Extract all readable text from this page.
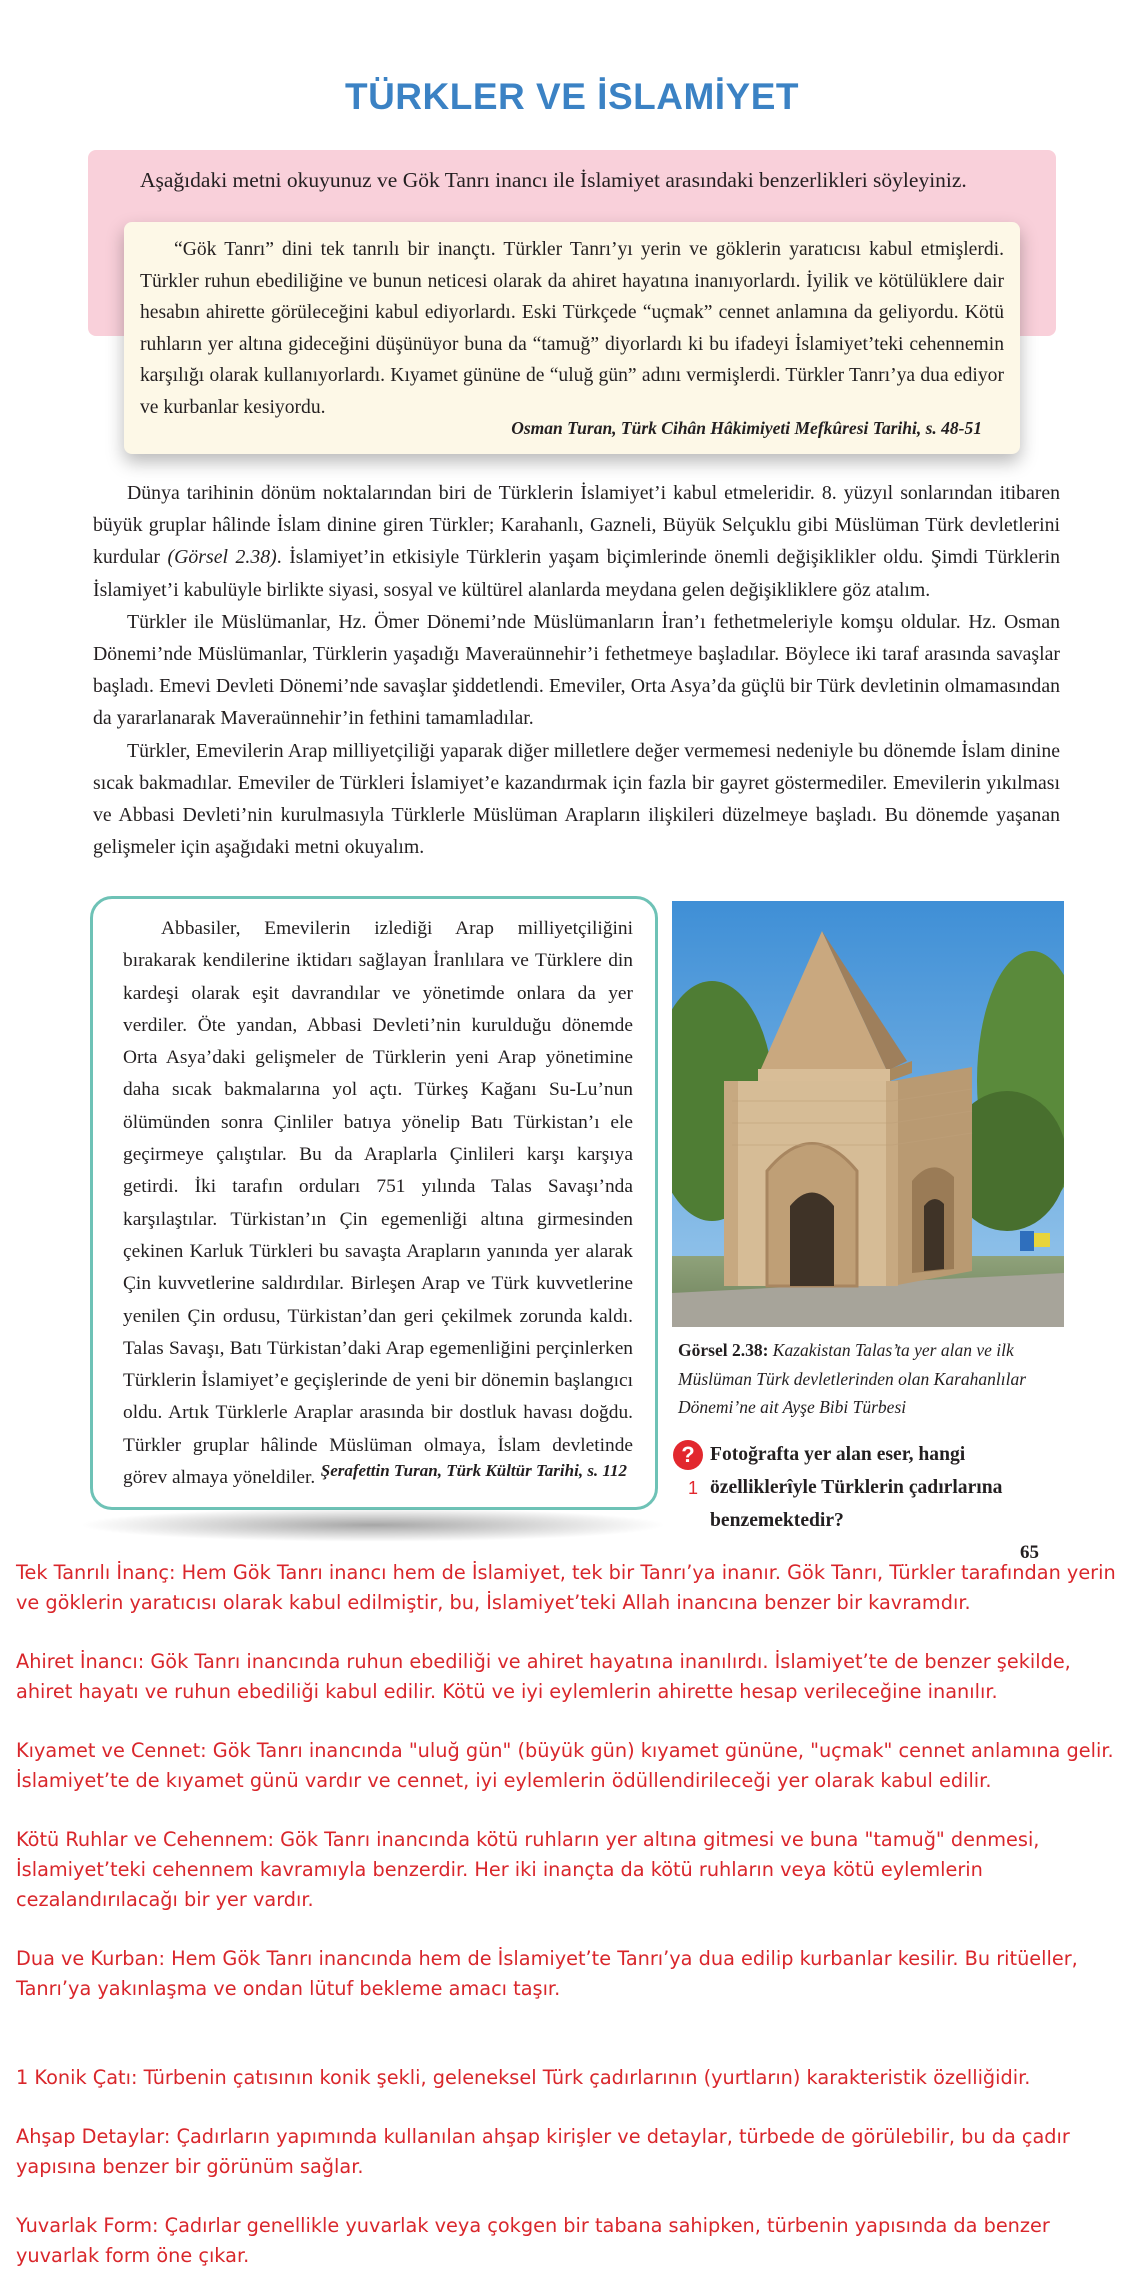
TÜRKLER VE İSLAMİYET
Aşağıdaki metni okuyunuz ve Gök Tanrı inancı ile İslamiyet arasındaki benzerlikleri söyleyiniz.

“Gök Tanrı” dini tek tanrılı bir inançtı. Türkler Tanrı’yı yerin ve göklerin yaratıcısı kabul etmişlerdi. Türkler ruhun ebediliğine ve bunun neticesi olarak da ahiret hayatına inanıyorlardı. İyilik ve kötülüklere dair hesabın ahirette görüleceğini kabul ediyorlardı. Eski Türkçede “uçmak” cennet anlamına da geliyordu. Kötü ruhların yer altına gideceğini düşünüyor buna da “tamuğ” diyorlardı ki bu ifadeyi İslamiyet’teki cehennemin karşılığı olarak kullanıyorlardı. Kıyamet gününe de “uluğ gün” adını vermişlerdi. Türkler Tanrı’ya dua ediyor ve kurbanlar kesiyordu.

Osman Turan, Türk Cihân Hâkimiyeti Mefkûresi Tarihi, s. 48-51

Dünya tarihinin dönüm noktalarından biri de Türklerin İslamiyet’i kabul etmeleridir. 8. yüzyıl sonlarından itibaren büyük gruplar hâlinde İslam dinine giren Türkler; Karahanlı, Gazneli, Büyük Selçuklu gibi Müslüman Türk devletlerini kurdular (Görsel 2.38). İslamiyet’in etkisiyle Türklerin yaşam biçimlerinde önemli değişiklikler oldu. Şimdi Türklerin İslamiyet’i kabulüyle birlikte siyasi, sosyal ve kültürel alanlarda meydana gelen değişikliklere göz atalım.

Türkler ile Müslümanlar, Hz. Ömer Dönemi’nde Müslümanların İran’ı fethetmeleriyle komşu oldular. Hz. Osman Dönemi’nde Müslümanlar, Türklerin yaşadığı Maveraünnehir’i fethetmeye başladılar. Böylece iki taraf arasında savaşlar başladı. Emevi Devleti Dönemi’nde savaşlar şiddetlendi. Emeviler, Orta Asya’da güçlü bir Türk devletinin olmamasından da yararlanarak Maveraünnehir’in fethini tamamladılar.

Türkler, Emevilerin Arap milliyetçiliği yaparak diğer milletlere değer vermemesi nedeniyle bu dönemde İslam dinine sıcak bakmadılar. Emeviler de Türkleri İslamiyet’e kazandırmak için fazla bir gayret göstermediler. Emevilerin yıkılması ve Abbasi Devleti’nin kurulmasıyla Türklerle Müslüman Arapların ilişkileri düzelmeye başladı. Bu dönemde yaşanan gelişmeler için aşağıdaki metni okuyalım.

Abbasiler, Emevilerin izlediği Arap milliyetçiliğini bırakarak kendilerine iktidarı sağlayan İranlılara ve Türklere din kardeşi olarak eşit davrandılar ve yönetimde onlara da yer verdiler. Öte yandan, Abbasi Devleti’nin kurulduğu dönemde Orta Asya’daki gelişmeler de Türklerin yeni Arap yönetimine daha sıcak bakmalarına yol açtı. Türkeş Kağanı Su-Lu’nun ölümünden sonra Çinliler batıya yönelip Batı Türkistan’ı ele geçirmeye çalıştılar. Bu da Araplarla Çinlileri karşı karşıya getirdi. İki tarafın orduları 751 yılında Talas Savaşı’nda karşılaştılar. Türkistan’ın Çin egemenliği altına girmesinden çekinen Karluk Türkleri bu savaşta Arapların yanında yer alarak Çin kuvvetlerine saldırdılar. Birleşen Arap ve Türk kuvvetlerine yenilen Çin ordusu, Türkistan’dan geri çekilmek zorunda kaldı. Talas Savaşı, Batı Türkistan’daki Arap egemenliğini perçinlerken Türklerin İslamiyet’e geçişlerinde de yeni bir dönemin başlangıcı oldu. Artık Türklerle Araplar arasında bir dostluk havası doğdu. Türkler gruplar hâlinde Müslüman olmaya, İslam devletinde görev almaya yöneldiler. Şerafettin Turan, Türk Kültür Tarihi, s. 112
Görsel 2.38: Kazakistan Talas’ta yer alan ve ilk Müslüman Türk devletlerinden olan Karahanlılar Dönemi’ne ait Ayşe Bibi Türbesi
?
1
Fotoğrafta yer alan eser, hangi özelliklerîyle Türklerin çadırlarına benzemektedir?
65

Tek Tanrılı İnanç: Hem Gök Tanrı inancı hem de İslamiyet, tek bir Tanrı’ya inanır. Gök Tanrı, Türkler tarafından yerin ve göklerin yaratıcısı olarak kabul edilmiştir, bu, İslamiyet’teki Allah inancına benzer bir kavramdır.

Ahiret İnancı: Gök Tanrı inancında ruhun ebediliği ve ahiret hayatına inanılırdı. İslamiyet’te de benzer şekilde, ahiret hayatı ve ruhun ebediliği kabul edilir. Kötü ve iyi eylemlerin ahirette hesap verileceğine inanılır.

Kıyamet ve Cennet: Gök Tanrı inancında "uluğ gün" (büyük gün) kıyamet gününe, "uçmak" cennet anlamına gelir. İslamiyet’te de kıyamet günü vardır ve cennet, iyi eylemlerin ödüllendirileceği yer olarak kabul edilir.

Kötü Ruhlar ve Cehennem: Gök Tanrı inancında kötü ruhların yer altına gitmesi ve buna "tamuğ" denmesi, İslamiyet’teki cehennem kavramıyla benzerdir. Her iki inançta da kötü ruhların veya kötü eylemlerin cezalandırılacağı bir yer vardır.

Dua ve Kurban: Hem Gök Tanrı inancında hem de İslamiyet’te Tanrı’ya dua edilip kurbanlar kesilir. Bu ritüeller, Tanrı’ya yakınlaşma ve ondan lütuf bekleme amacı taşır.

1 Konik Çatı: Türbenin çatısının konik şekli, geleneksel Türk çadırlarının (yurtların) karakteristik özelliğidir.

Ahşap Detaylar: Çadırların yapımında kullanılan ahşap kirişler ve detaylar, türbede de görülebilir, bu da çadır yapısına benzer bir görünüm sağlar.

Yuvarlak Form: Çadırlar genellikle yuvarlak veya çokgen bir tabana sahipken, türbenin yapısında da benzer yuvarlak form öne çıkar.
